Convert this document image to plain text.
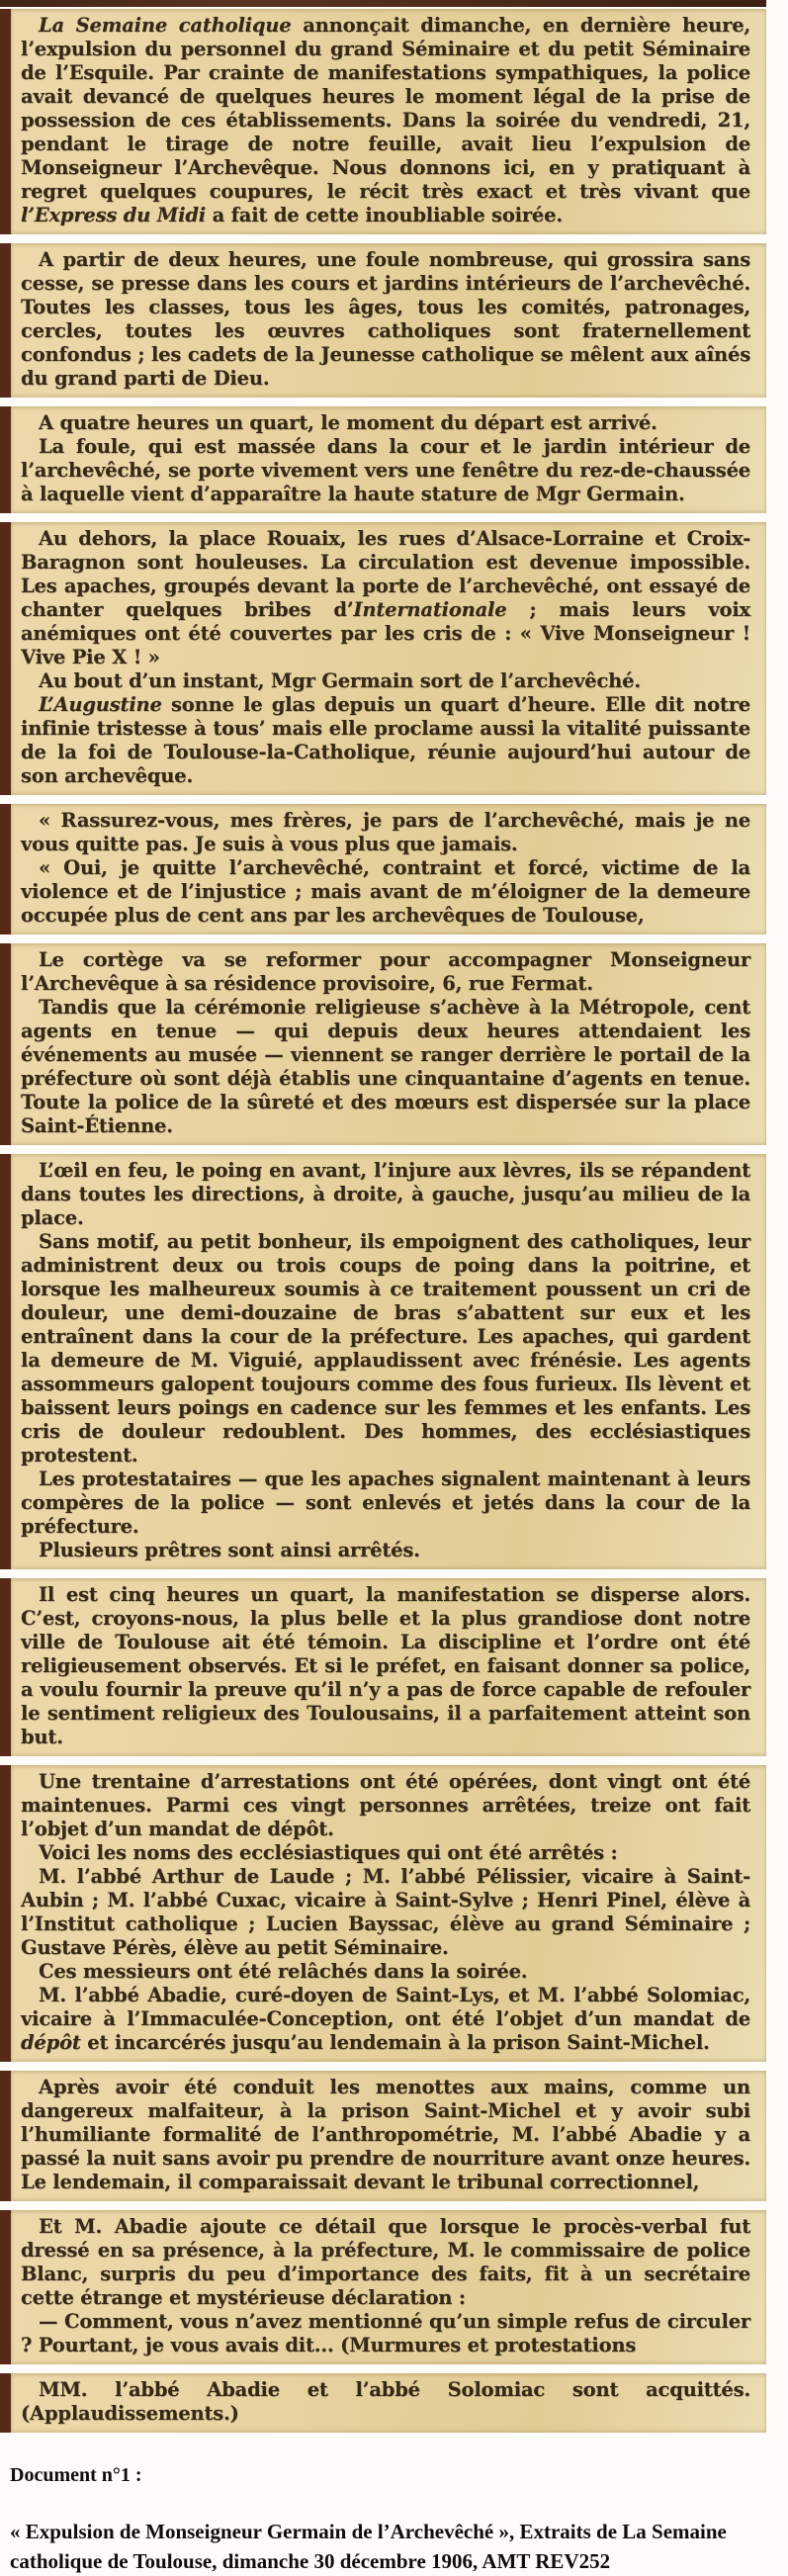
La Semaine catholique annonçait dimanche, en dernière heure, l’expulsion du personnel du grand Séminaire et du petit Séminaire de l’Esquile. Par crainte de manifestations sympathiques, la police avait devancé de quelques heures le moment légal de la prise de possession de ces établissements. Dans la soirée du vendredi, 21, pendant le tirage de notre feuille, avait lieu l’expulsion de Monseigneur l’Archevêque. Nous donnons ici, en y pratiquant à regret quelques coupures, le récit très exact et très vivant que l’Express du Midi a fait de cette inoubliable soirée.

A partir de deux heures, une foule nombreuse, qui grossira sans cesse, se presse dans les cours et jardins intérieurs de l’archevêché. Toutes les classes, tous les âges, tous les comités, patronages, cercles, toutes les œuvres catholiques sont fraternellement confondus ; les cadets de la Jeunesse catholique se mêlent aux aînés du grand parti de Dieu.

A quatre heures un quart, le moment du départ est arrivé.

La foule, qui est massée dans la cour et le jardin intérieur de l’archevêché, se porte vivement vers une fenêtre du rez-de-chaussée à laquelle vient d’apparaître la haute stature de Mgr Germain.

Au dehors, la place Rouaix, les rues d’Alsace-Lorraine et Croix-Baragnon sont houleuses. La circulation est devenue impossible. Les apaches, groupés devant la porte de l’archevêché, ont essayé de chanter quelques bribes d’Internationale ; mais leurs voix anémiques ont été couvertes par les cris de : « Vive Monseigneur ! Vive Pie X ! »

Au bout d’un instant, Mgr Germain sort de l’archevêché.

L’Augustine sonne le glas depuis un quart d’heure. Elle dit notre infinie tristesse à tous’ mais elle proclame aussi la vitalité puissante de la foi de Toulouse-la-Catholique, réunie aujourd’hui autour de son archevêque.

« Rassurez-vous, mes frères, je pars de l’archevêché, mais je ne vous quitte pas. Je suis à vous plus que jamais.

« Oui, je quitte l’archevêché, contraint et forcé, victime de la violence et de l’injustice ; mais avant de m’éloigner de la demeure occupée plus de cent ans par les archevêques de Toulouse,

Le cortège va se reformer pour accompagner Monseigneur l’Archevêque à sa résidence provisoire, 6, rue Fermat.

Tandis que la cérémonie religieuse s’achève à la Métropole, cent agents en tenue — qui depuis deux heures attendaient les événements au musée — viennent se ranger derrière le portail de la préfecture où sont déjà établis une cinquantaine d’agents en tenue. Toute la police de la sûreté et des mœurs est dispersée sur la place Saint-Étienne.

L’œil en feu, le poing en avant, l’injure aux lèvres, ils se répandent dans toutes les directions, à droite, à gauche, jusqu’au milieu de la place.

Sans motif, au petit bonheur, ils empoignent des catholiques, leur administrent deux ou trois coups de poing dans la poitrine, et lorsque les malheureux soumis à ce traitement poussent un cri de douleur, une demi-douzaine de bras s’abattent sur eux et les entraînent dans la cour de la préfecture. Les apaches, qui gardent la demeure de M. Viguié, applaudissent avec frénésie. Les agents assommeurs galopent toujours comme des fous furieux. Ils lèvent et baissent leurs poings en cadence sur les femmes et les enfants. Les cris de douleur redoublent. Des hommes, des ecclésiastiques protestent.

Les protestataires — que les apaches signalent maintenant à leurs compères de la police — sont enlevés et jetés dans la cour de la préfecture.

Plusieurs prêtres sont ainsi arrêtés.

Il est cinq heures un quart, la manifestation se disperse alors. C’est, croyons-nous, la plus belle et la plus grandiose dont notre ville de Toulouse ait été témoin. La discipline et l’ordre ont été religieusement observés. Et si le préfet, en faisant donner sa police, a voulu fournir la preuve qu’il n’y a pas de force capable de refouler le sentiment religieux des Toulousains, il a parfaitement atteint son but.

Une trentaine d’arrestations ont été opérées, dont vingt ont été maintenues. Parmi ces vingt personnes arrêtées, treize ont fait l’objet d’un mandat de dépôt.

Voici les noms des ecclésiastiques qui ont été arrêtés :

M. l’abbé Arthur de Laude ; M. l’abbé Pélissier, vicaire à Saint-Aubin ; M. l’abbé Cuxac, vicaire à Saint-Sylve ; Henri Pinel, élève à l’Institut catholique ; Lucien Bayssac, élève au grand Séminaire ; Gustave Pérès, élève au petit Séminaire.

Ces messieurs ont été relâchés dans la soirée.

M. l’abbé Abadie, curé-doyen de Saint-Lys, et M. l’abbé Solomiac, vicaire à l’Immaculée-Conception, ont été l’objet d’un mandat de dépôt et incarcérés jusqu’au lendemain à la prison Saint-Michel.

Après avoir été conduit les menottes aux mains, comme un dangereux malfaiteur, à la prison Saint-Michel et y avoir subi l’humiliante formalité de l’anthropométrie, M. l’abbé Abadie y a passé la nuit sans avoir pu prendre de nourriture avant onze heures. Le lendemain, il comparaissait devant le tribunal correctionnel,

Et M. Abadie ajoute ce détail que lorsque le procès-verbal fut dressé en sa présence, à la préfecture, M. le commissaire de police Blanc, surpris du peu d’importance des faits, fit à un secrétaire cette étrange et mystérieuse déclaration :

— Comment, vous n’avez mentionné qu’un simple refus de circuler ? Pourtant, je vous avais dit... (Murmures et protestations

MM. l’abbé Abadie et l’abbé Solomiac sont acquittés. (Applaudissements.)

Document n°1 :
« Expulsion de Monseigneur Germain de l’Archevêché », Extraits de La Semaine catholique de Toulouse, dimanche 30 décembre 1906, AMT REV252
